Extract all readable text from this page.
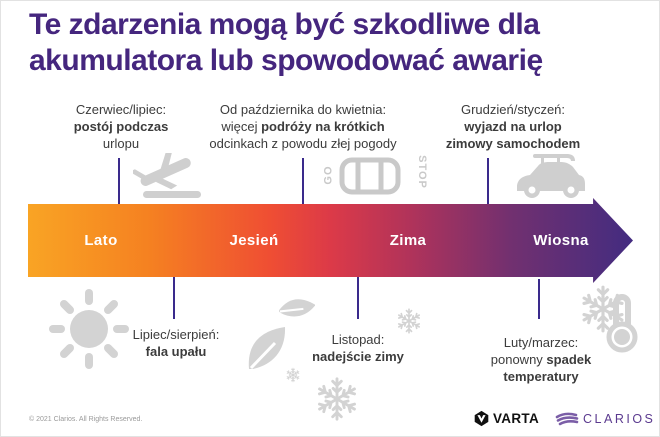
Te zdarzenia mogą być szkodliwe dla
akumulatora lub spowodować awarię
Czerwiec/lipiec:
postój podczas
urlopu
Od października do kwietnia:
więcej podróży na krótkich
odcinkach z powodu złej pogody
Grudzień/styczeń:
wyjazd na urlop
zimowy samochodem
Lipiec/sierpień:
fala upału
Listopad:
nadejście zimy
Luty/marzec:
ponowny spadek
temperatury
Lato	Jesień	Zima	Wiosna
GO	STOP
© 2021 Clarios. All Rights Reserved.	VARTA	CLARIOS
